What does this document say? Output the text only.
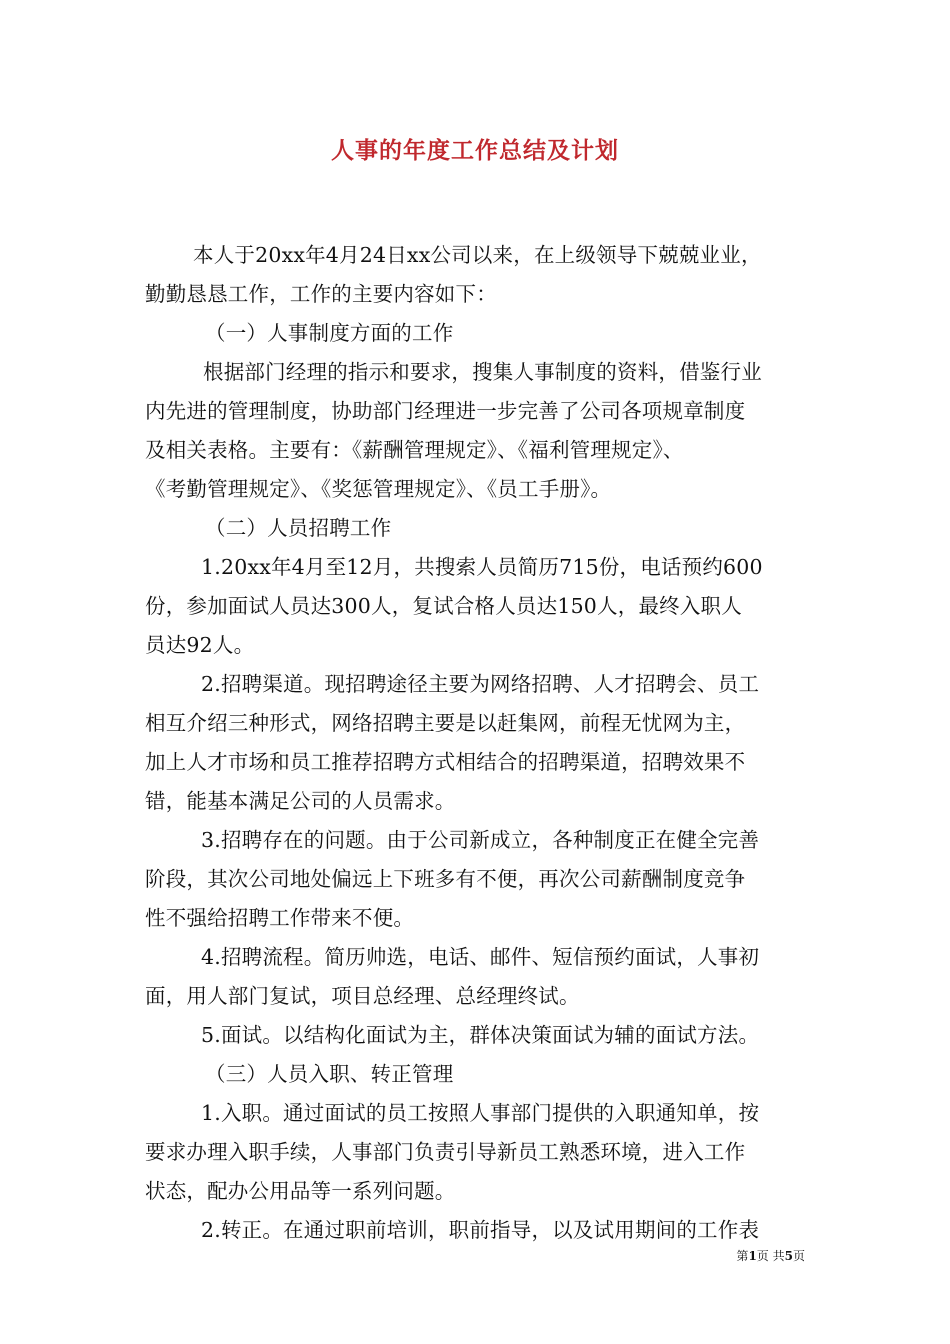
人事的年度工作总结及计划
本人于20xx年4月24日xx公司以来，在上级领导下兢兢业业，
勤勤恳恳工作，工作的主要内容如下：
（一）人事制度方面的工作
根据部门经理的指示和要求，搜集人事制度的资料，借鉴行业
内先进的管理制度，协助部门经理进一步完善了公司各项规章制度
及相关表格。主要有：《薪酬管理规定》、《福利管理规定》、
《考勤管理规定》、《奖惩管理规定》、《员工手册》。
（二）人员招聘工作
1.20xx年4月至12月，共搜索人员简历715份，电话预约600
份，参加面试人员达300人，复试合格人员达150人，最终入职人
员达92人。
2.招聘渠道。现招聘途径主要为网络招聘、人才招聘会、员工
相互介绍三种形式，网络招聘主要是以赶集网，前程无忧网为主，
加上人才市场和员工推荐招聘方式相结合的招聘渠道，招聘效果不
错，能基本满足公司的人员需求。
3.招聘存在的问题。由于公司新成立，各种制度正在健全完善
阶段，其次公司地处偏远上下班多有不便，再次公司薪酬制度竞争
性不强给招聘工作带来不便。
4.招聘流程。简历帅选，电话、邮件、短信预约面试，人事初
面，用人部门复试，项目总经理、总经理终试。
5.面试。以结构化面试为主，群体决策面试为辅的面试方法。
（三）人员入职、转正管理
1.入职。通过面试的员工按照人事部门提供的入职通知单，按
要求办理入职手续，人事部门负责引导新员工熟悉环境，进入工作
状态，配办公用品等一系列问题。
2.转正。在通过职前培训，职前指导，以及试用期间的工作表
第1页 共5页
